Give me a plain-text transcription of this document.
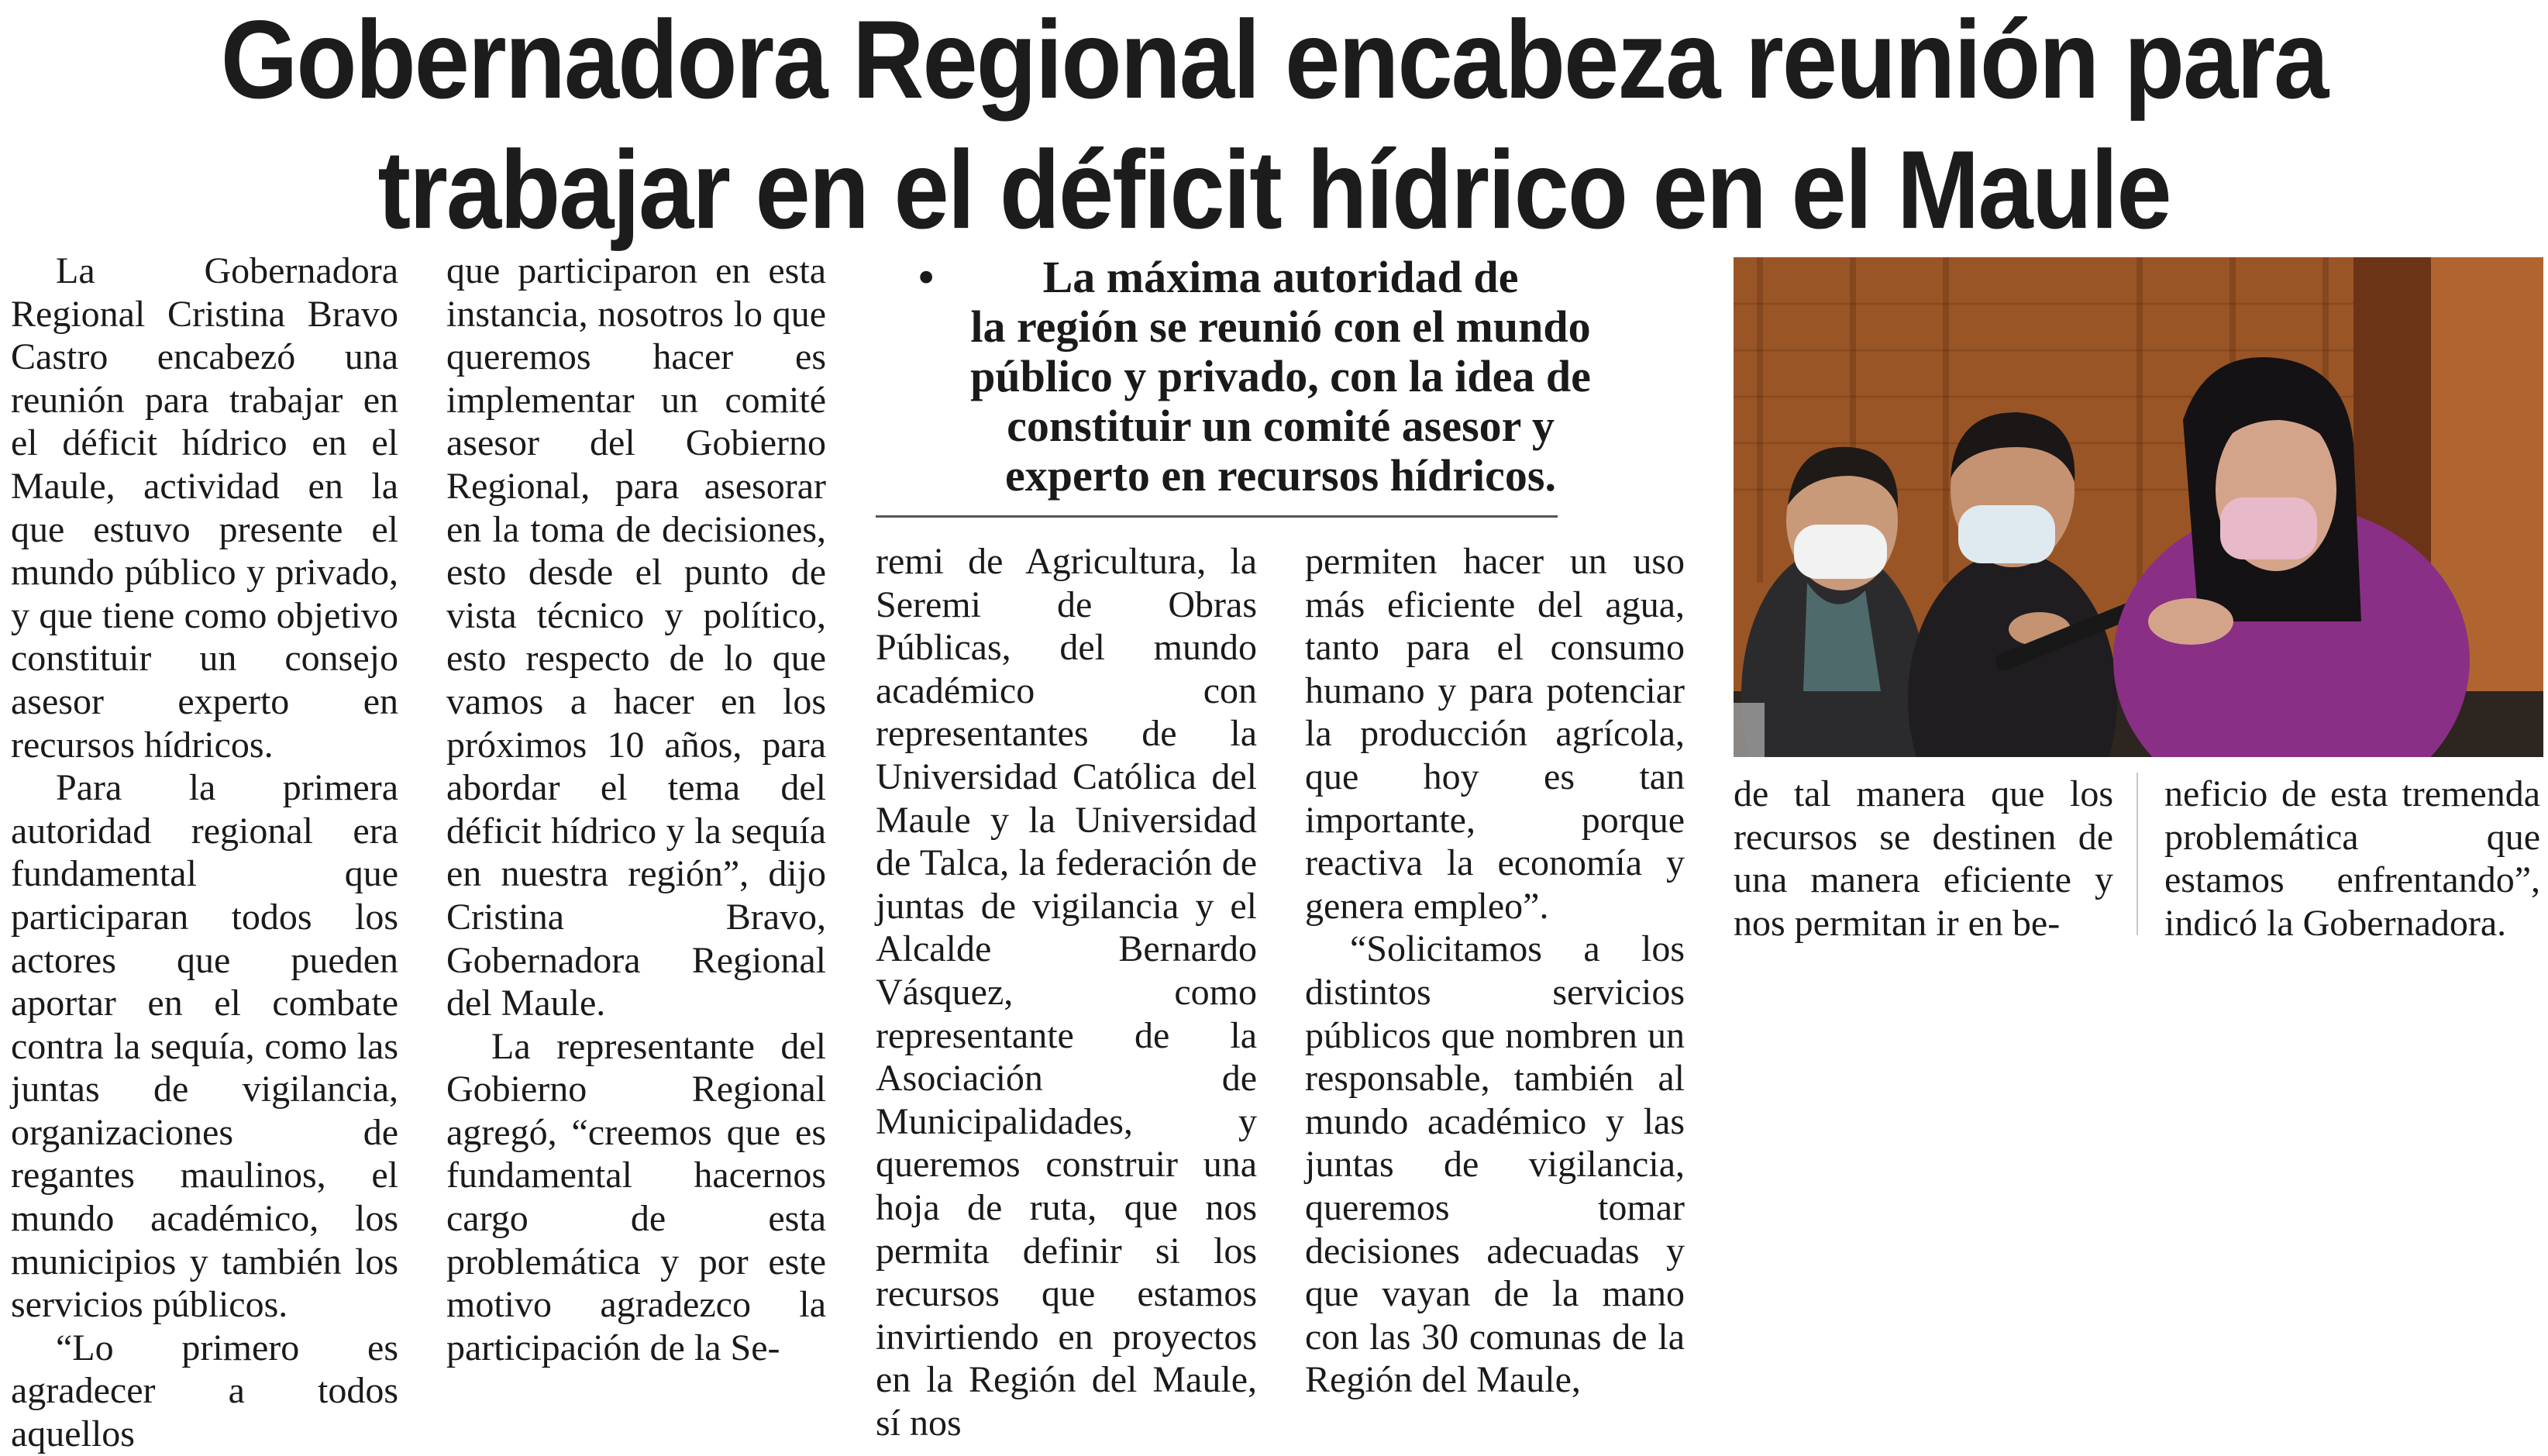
Gobernadora Regional encabeza reunión para
trabajar en el déficit hídrico en el Maule

La Gobernadora Regional Cristina Bravo Castro encabezó una reunión para trabajar en el déficit hídrico en el Maule, actividad en la que estuvo presente el mundo público y privado, y que tiene como objetivo constituir un consejo asesor experto en recursos hídricos.

Para la primera autoridad regional era fundamental que participaran todos los actores que pueden aportar en el combate contra la sequía, como las juntas de vigilancia, organizaciones de regantes maulinos, el mundo académico, los municipios y también los servicios públicos.

“Lo primero es agradecer a todos aquellos

que participaron en esta instancia, nosotros lo que queremos hacer es implementar un comité asesor del Gobierno Regional, para asesorar en la toma de decisiones, esto desde el punto de vista técnico y político, esto respecto de lo que vamos a hacer en los próximos 10 años, para abordar el tema del déficit hídrico y la sequía en nuestra región”, dijo Cristina Bravo, Gobernadora Regional del Maule.

La representante del Gobierno Regional agregó, “creemos que es fundamental hacernos cargo de esta problemática y por este motivo agradezco la participación de la Se-

•	La máxima autoridad de
la región se reunió con el mundo
público y privado, con la idea de
constituir un comité asesor y
experto en recursos hídricos.

remi de Agricultura, la Seremi de Obras Públicas, del mundo académico con representantes de la Universidad Católica del Maule y la Universidad de Talca, la federación de juntas de vigilancia y el Alcalde Bernardo Vásquez, como representante de la Asociación de Municipalidades, y queremos construir una hoja de ruta, que nos permita definir si los recursos que estamos invirtiendo en proyectos en la Región del Maule, sí nos

permiten hacer un uso más eficiente del agua, tanto para el consumo humano y para potenciar la producción agrícola, que hoy es tan importante, porque reactiva la economía y genera empleo”.

“Solicitamos a los distintos servicios públicos que nombren un responsable, también al mundo académico y las juntas de vigilancia, queremos tomar decisiones adecuadas y que vayan de la mano con las 30 comunas de la Región del Maule,

de tal manera que los recursos se destinen de una manera eficiente y nos permitan ir en be-

neficio de esta tremenda problemática que estamos enfrentando”, indicó la Gobernadora.
